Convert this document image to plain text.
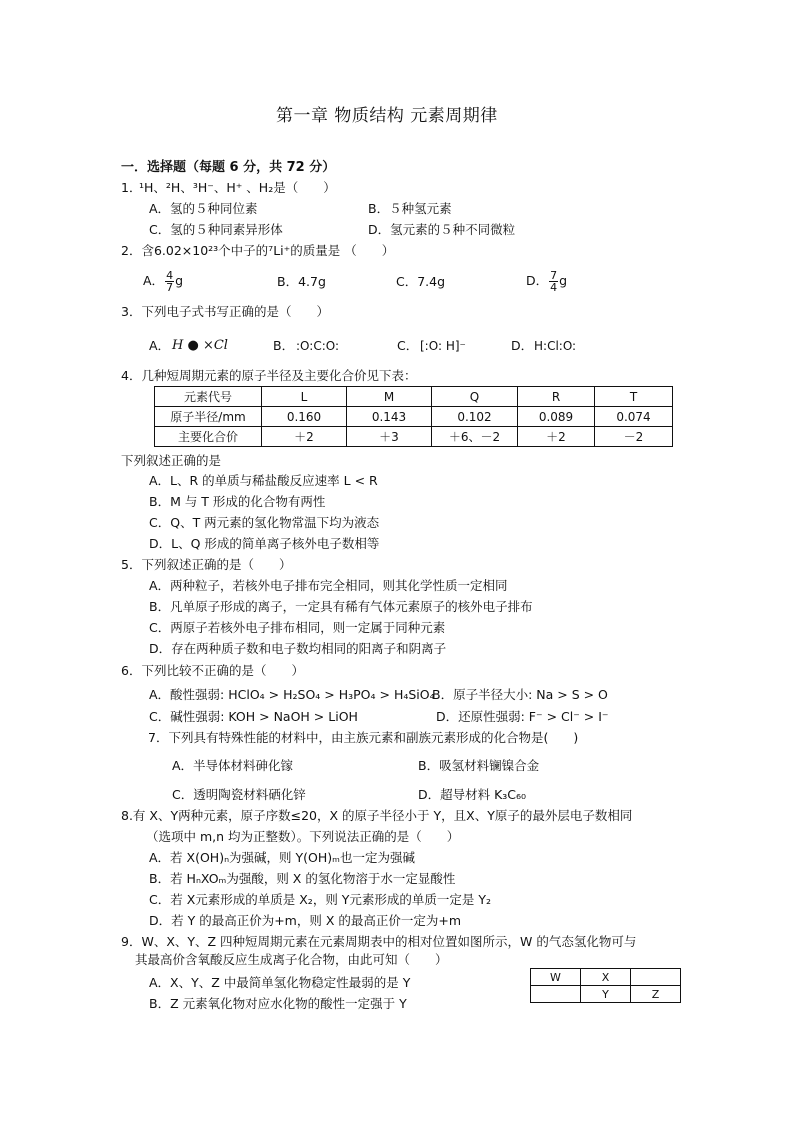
第一章 物质结构 元素周期律
一．选择题（每题 6 分，共 72 分）
1．
¹H、²H、³H⁻、H⁺ 、H₂是（　　）
A．氢的５种同位素	B．５种氢元素
C．氢的５种同素异形体	D．氢元素的５种不同微粒
2．含6.02×10²³个中子的⁷Li⁺的质量是 （　　）
A． $\frac{4}{7}$ g	B．4.7g	C．7.4g	D． $\frac{7}{4}$ g
3．下列电子式书写正确的是（　　）
A． H ● ×Cl	B． :O:C:O:	C． [:O: H]⁻	D． H:Cl:O:
4．几种短周期元素的原子半径及主要化合价见下表：
元素代号	L	M	Q	R	T
原子半径/mm	0.160	0.143	0.102	0.089	0.074
主要化合价	＋2	＋3	＋6、－2	＋2	－2
下列叙述正确的是
A．L、R 的单质与稀盐酸反应速率 L < R
B．M 与 T 形成的化合物有两性
C．Q、T 两元素的氢化物常温下均为液态
D．L、Q 形成的简单离子核外电子数相等
5．下列叙述正确的是（　　）
A．两种粒子，若核外电子排布完全相同，则其化学性质一定相同
B．凡单原子形成的离子，一定具有稀有气体元素原子的核外电子排布
C．两原子若核外电子排布相同，则一定属于同种元素
D．存在两种质子数和电子数均相同的阳离子和阴离子
6．下列比较不正确的是（　　）
A．酸性强弱: HClO₄ > H₂SO₄ > H₃PO₄ > H₄SiO₄
B．原子半径大小: Na > S > O
C．碱性强弱: KOH > NaOH > LiOH	D．还原性强弱: F⁻ > Cl⁻ > I⁻
7．下列具有特殊性能的材料中，由主族元素和副族元素形成的化合物是(　　)
A．半导体材料砷化镓	B．吸氢材料镧镍合金
C．透明陶瓷材料硒化锌	D．超导材料 K₃C₆₀
8.有 X、Y两种元素，原子序数≤20，X 的原子半径小于 Y，且X、Y原子的最外层电子数相同
（选项中 m,n 均为正整数）。下列说法正确的是（　　）
A．若 X(OH)ₙ为强碱，则 Y(OH)ₘ也一定为强碱
B．若 HₙXOₘ为强酸，则 X 的氢化物溶于水一定显酸性
C．若 X元素形成的单质是 X₂，则 Y元素形成的单质一定是 Y₂
D．若 Y 的最高正价为+m，则 X 的最高正价一定为+m
9．W、X、Y、Z 四种短周期元素在元素周期表中的相对位置如图所示，W 的气态氢化物可与
其最高价含氧酸反应生成离子化合物，由此可知（　　）
A．X、Y、Z 中最简单氢化物稳定性最弱的是 Y
B．Z 元素氧化物对应水化物的酸性一定强于 Y
W	X	
	Y	Z
